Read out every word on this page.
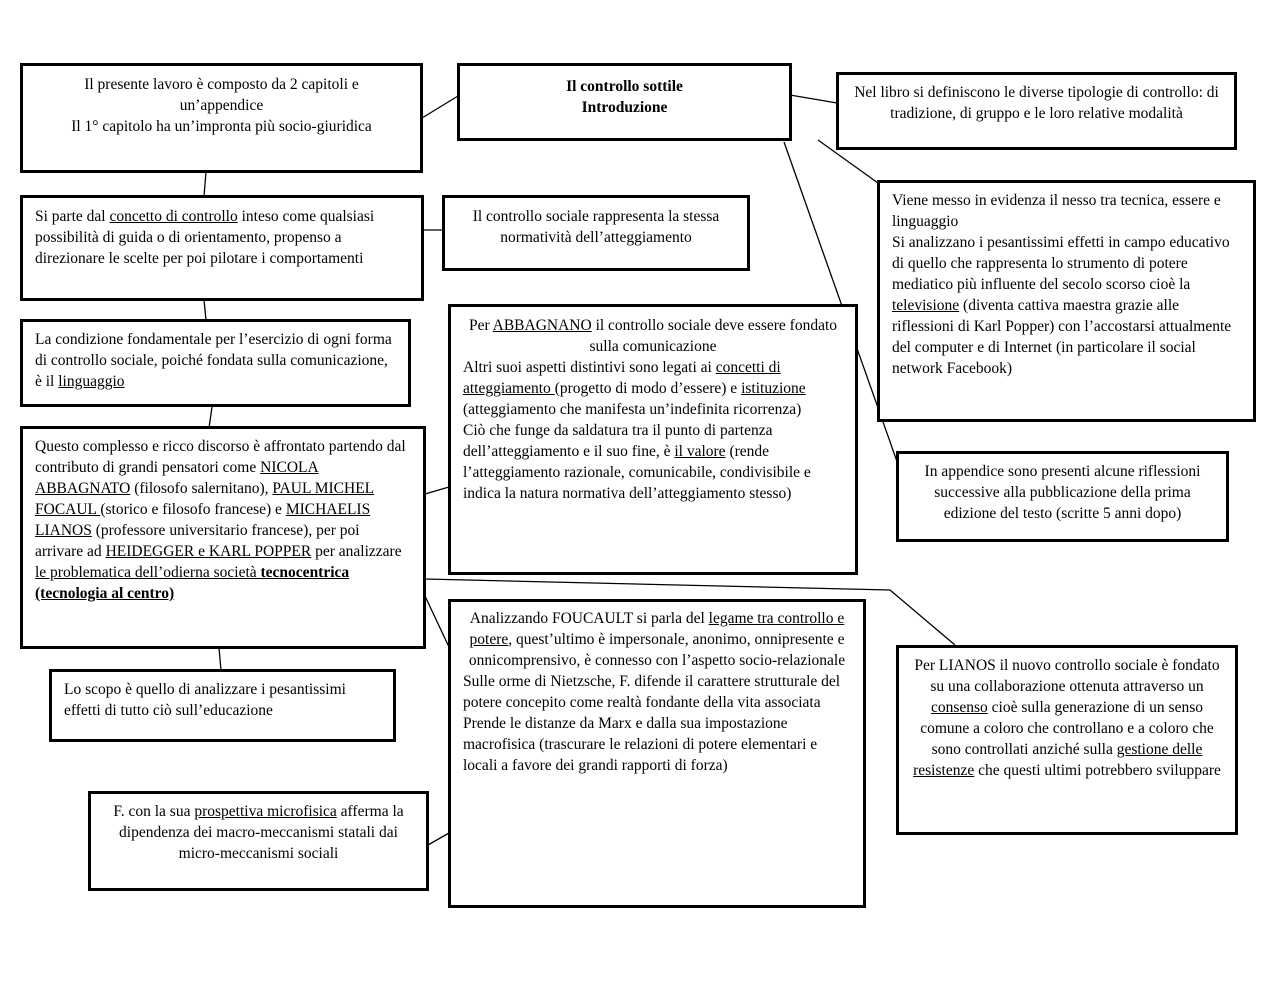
Il controllo sottile

Introduzione

Il presente lavoro è composto da 2 capitoli e

un’appendice

Il 1° capitolo ha un’impronta più socio-giuridica

Nel libro si definiscono le diverse tipologie di controllo: di tradizione, di gruppo e le loro relative modalità

Si parte dal concetto di controllo inteso come qualsiasi possibilità di guida o di orientamento, propenso a direzionare le scelte per poi pilotare i comportamenti

Il controllo sociale rappresenta la stessa normatività dell’atteggiamento

Viene messo in evidenza il nesso tra tecnica, essere e linguaggio

Si analizzano i pesantissimi effetti in campo educativo di quello che rappresenta lo strumento di potere mediatico più influente del secolo scorso cioè la televisione (diventa cattiva maestra grazie alle riflessioni di Karl Popper) con l’accostarsi attualmente del computer e di Internet (in particolare il social network Facebook)

La condizione fondamentale per l’esercizio di ogni forma di controllo sociale, poiché fondata sulla comunicazione, è il linguaggio

Per ABBAGNANO il controllo sociale deve essere fondato sulla comunicazione

Altri suoi aspetti distintivi sono legati ai concetti di atteggiamento (progetto di modo d’essere) e istituzione (atteggiamento che manifesta un’indefinita ricorrenza)

Ciò che funge da saldatura tra il punto di partenza dell’atteggiamento e il suo fine, è il valore (rende l’atteggiamento razionale, comunicabile, condivisibile e indica la natura normativa dell’atteggiamento stesso)

In appendice sono presenti alcune riflessioni successive alla pubblicazione della prima edizione del testo (scritte 5 anni dopo)

Questo complesso e ricco discorso è affrontato partendo dal contributo di grandi pensatori come NICOLA ABBAGNATO (filosofo salernitano), PAUL MICHEL FOCAUL (storico e filosofo francese) e MICHAELIS LIANOS (professore universitario francese), per poi arrivare ad HEIDEGGER e KARL POPPER per analizzare le problematica dell’odierna società tecnocentrica (tecnologia al centro)

Analizzando FOUCAULT si parla del legame tra controllo e potere, quest’ultimo è impersonale, anonimo, onnipresente e onnicomprensivo, è connesso con l’aspetto socio-relazionale

Sulle orme di Nietzsche, F. difende il carattere strutturale del potere concepito come realtà fondante della vita associata

Prende le distanze da Marx e dalla sua impostazione macrofisica (trascurare le relazioni di potere elementari e locali a favore dei grandi rapporti di forza)

Per LIANOS il nuovo controllo sociale è fondato su una collaborazione ottenuta attraverso un consenso cioè sulla generazione di un senso comune a coloro che controllano e a coloro che sono controllati anziché sulla gestione delle resistenze che questi ultimi potrebbero sviluppare

Lo scopo è quello di analizzare i pesantissimi effetti di tutto ciò sull’educazione

F. con la sua prospettiva microfisica afferma la dipendenza dei macro-meccanismi statali dai micro-meccanismi sociali
